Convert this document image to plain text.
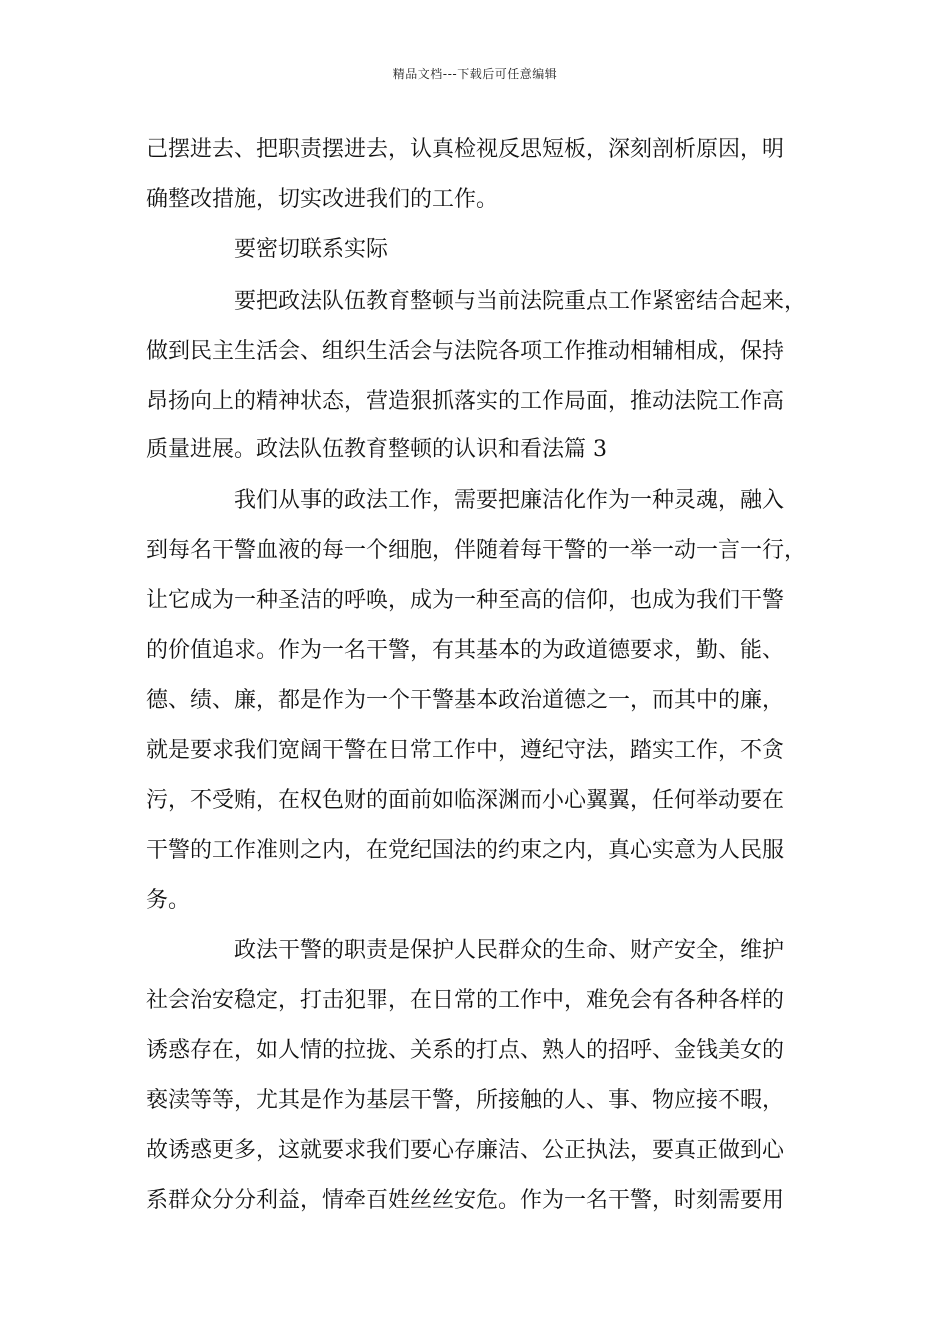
精品文档---下载后可任意编辑
己摆进去、把职责摆进去，认真检视反思短板，深刻剖析原因，明
确整改措施，切实改进我们的工作。
要密切联系实际
要把政法队伍教育整顿与当前法院重点工作紧密结合起来，
做到民主生活会、组织生活会与法院各项工作推动相辅相成，保持
昂扬向上的精神状态，营造狠抓落实的工作局面，推动法院工作高
质量进展。政法队伍教育整顿的认识和看法篇 3
我们从事的政法工作，需要把廉洁化作为一种灵魂，融入
到每名干警血液的每一个细胞，伴随着每干警的一举一动一言一行，
让它成为一种圣洁的呼唤，成为一种至高的信仰，也成为我们干警
的价值追求。作为一名干警，有其基本的为政道德要求，勤、能、
德、绩、廉，都是作为一个干警基本政治道德之一，而其中的廉，
就是要求我们宽阔干警在日常工作中，遵纪守法，踏实工作，不贪
污，不受贿，在权色财的面前如临深渊而小心翼翼，任何举动要在
干警的工作准则之内，在党纪国法的约束之内，真心实意为人民服
务。
政法干警的职责是保护人民群众的生命、财产安全，维护
社会治安稳定，打击犯罪，在日常的工作中，难免会有各种各样的
诱惑存在，如人情的拉拢、关系的打点、熟人的招呼、金钱美女的
亵渎等等，尤其是作为基层干警，所接触的人、事、物应接不暇，
故诱惑更多，这就要求我们要心存廉洁、公正执法，要真正做到心
系群众分分利益，情牵百姓丝丝安危。作为一名干警，时刻需要用
